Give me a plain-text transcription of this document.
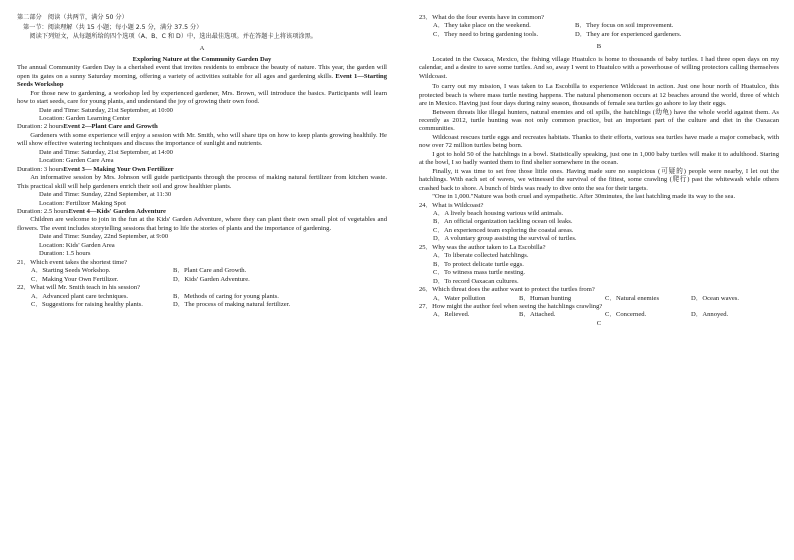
第二部分　阅读（共两节，满分 50 分）

第一节：阅读理解（共 15 小题；每小题 2.5 分，满分 37.5 分）

阅读下列短文，从每题所给的四个选项（A、B、C 和 D）中，选出最佳选项。并在答题卡上将该项涂黑。

A

Exploring Nature at the Community Garden Day

The annual Community Garden Day is a cherished event that invites residents to embrace the beauty of nature. This year, the garden will open its gates on a sunny Saturday morning, offering a variety of activities suitable for all ages and gardening skills. Event 1—Starting Seeds Workshop

For those new to gardening, a workshop led by experienced gardener, Mrs. Brown, will introduce the basics. Participants will learn how to start seeds, care for young plants, and understand the joy of growing their own food.

Date and Time: Saturday, 21st September, at 10:00

Location: Garden Learning Center

Duration: 2 hoursEvent 2—Plant Care and Growth

Gardeners with some experience will enjoy a session with Mr. Smith, who will share tips on how to keep plants growing healthily. He will show effective watering techniques and discuss the importance of sunlight and nutrients.

Date and Time: Saturday, 21st September, at 14:00

Location: Garden Care Area

Duration: 3 hoursEvent 3— Making Your Own Fertilizer

An informative session by Mrs. Johnson will guide participants through the process of making natural fertilizer from kitchen waste. This practical skill will help gardeners enrich their soil and grow healthier plants.

Date and Time: Sunday, 22nd September, at 11:30

Location: Fertilizer Making Spot

Duration: 2.5 hoursEvent 4—Kids' Garden Adventure

Children are welcome to join in the fun at the Kids' Garden Adventure, where they can plant their own small plot of vegetables and flowers. The event includes storytelling sessions that bring to life the stories of plants and the importance of gardening.

Date and Time: Sunday, 22nd September, at 9:00

Location: Kids' Garden Area

Duration: 1.5 hours

21．Which event takes the shortest time?

A．Starting Seeds Workshop.	B．Plant Care and Growth.
C．Making Your Own Fertilizer.	D．Kids' Garden Adventure.

22．What will Mr. Smith teach in his session?

A．Advanced plant care techniques.	B．Methods of caring for young plants.
C．Suggestions for raising healthy plants.	D．The process of making natural fertilizer.

23．What do the four events have in common?

A．They take place on the weekend.	B．They focus on soil improvement.
C．They need to bring gardening tools.	D．They are for experienced gardeners.

B

Located in the Oaxaca, Mexico, the fishing village Huatulco is home to thousands of baby turtles. I had three open days on my calendar, and a desire to save some turtles. And so, away I went to Huatulco with a powerhouse of willing protectors calling themselves Wildcoast.

To carry out my mission, I was taken to La Escobilla to experience Wildcoast in action. Just one hour north of Huatulco, this protected beach is where mass turtle nesting happens. The natural phenomenon occurs at 12 beaches around the world, three of which are in Mexico. Having just four days during rainy season, thousands of female sea turtles go ashore to lay their eggs.

Between threats like illegal hunters, natural enemies and oil spills, the hatchlings (幼龟) have the whole world against them. As recently as 2012, turtle hunting was not only common practice, but an important part of the culture and diet in the Oaxacan communities.

Wildcoast rescues turtle eggs and recreates habitats. Thanks to their efforts, various sea turtles have made a major comeback, with now over 72 million turtles being born.

I got to hold 50 of the hatchlings in a bowl. Statistically speaking, just one in 1,000 baby turtles will make it to adulthood. Staring at the bowl, I so badly wanted them to find shelter somewhere in the ocean.

Finally, it was time to set free those little ones. Having made sure no suspicious (可疑的) people were nearby, I let out the hatchlings. With each set of waves, we witnessed the survival of the fittest, some crawling (爬行) past the whitewash while others crashed back to shore. A bunch of birds was ready to dive onto the sea for their targets.

"One in 1,000."Nature was both cruel and sympathetic. After 30minutes, the last hatchling made its way to the sea.

24．What is Wildcoast?

A．A lively beach housing various wild animals.

B．An official organization tackling ocean oil leaks.

C．An experienced team exploring the coastal areas.

D．A voluntary group assisting the survival of turtles.

25．Why was the author taken to La Escobilla?

A．To liberate collected hatchlings.

B．To protect delicate turtle eggs.

C．To witness mass turtle nesting.

D．To record Oaxacan cultures.

26．Which threat does the author want to protect the turtles from?

A．Water pollution	B．Human hunting	C．Natural enemies	D．Ocean waves.

27．How might the author feel when seeing the hatchlings crawling?

A．Relieved.	B．Attached.	C．Concerned.	D．Annoyed.

C
